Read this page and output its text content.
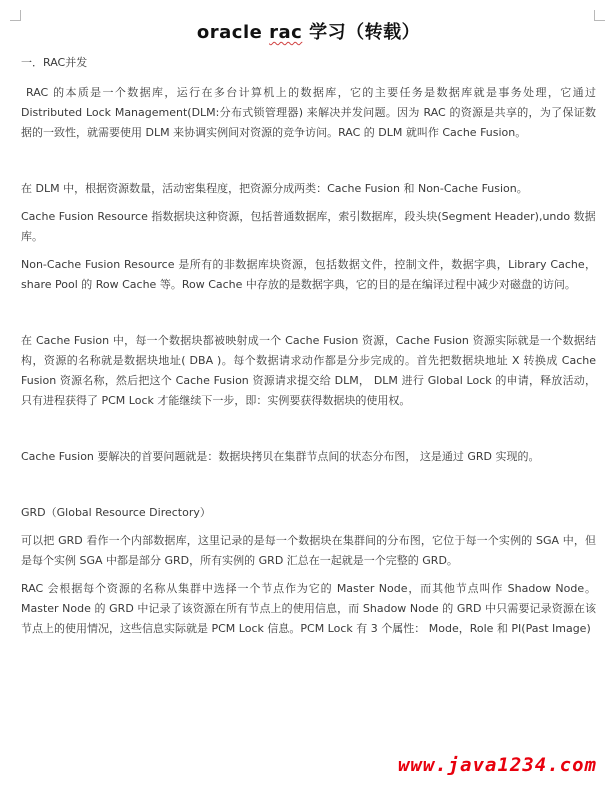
oracle rac 学习（转载）
一．RAC并发

RAC 的本质是一个数据库，运行在多台计算机上的数据库，它的主要任务是数据库就是事务处理，它通过 Distributed Lock Management(DLM:分布式锁管理器) 来解决并发问题。因为 RAC 的资源是共享的，为了保证数据的一致性，就需要使用 DLM 来协调实例间对资源的竞争访问。RAC 的 DLM 就叫作 Cache Fusion。

在 DLM 中，根据资源数量，活动密集程度，把资源分成两类：Cache Fusion 和 Non-Cache Fusion。

Cache Fusion Resource 指数据块这种资源，包括普通数据库，索引数据库，段头块(Segment Header),undo 数据库。

Non-Cache Fusion Resource 是所有的非数据库块资源，包括数据文件，控制文件，数据字典，Library Cache，share Pool 的 Row Cache 等。Row Cache 中存放的是数据字典，它的目的是在编译过程中减少对磁盘的访问。

在 Cache Fusion 中，每一个数据块都被映射成一个 Cache Fusion 资源，Cache Fusion 资源实际就是一个数据结构，资源的名称就是数据块地址( DBA )。每个数据请求动作都是分步完成的。首先把数据块地址 X 转换成 Cache Fusion 资源名称，然后把这个 Cache Fusion 资源请求提交给 DLM， DLM 进行 Global Lock 的申请，释放活动，只有进程获得了 PCM Lock 才能继续下一步，即：实例要获得数据块的使用权。

Cache Fusion 要解决的首要问题就是：数据块拷贝在集群节点间的状态分布图， 这是通过 GRD 实现的。

GRD（Global Resource Directory）

可以把 GRD 看作一个内部数据库，这里记录的是每一个数据块在集群间的分布图，它位于每一个实例的 SGA 中，但是每个实例 SGA 中都是部分 GRD，所有实例的 GRD 汇总在一起就是一个完整的 GRD。

RAC 会根据每个资源的名称从集群中选择一个节点作为它的 Master Node，而其他节点叫作 Shadow Node。Master Node 的 GRD 中记录了该资源在所有节点上的使用信息，而 Shadow Node 的 GRD 中只需要记录资源在该节点上的使用情况，这些信息实际就是 PCM Lock 信息。PCM Lock 有 3 个属性： Mode，Role 和 PI(Past Image)

www.java1234.com
